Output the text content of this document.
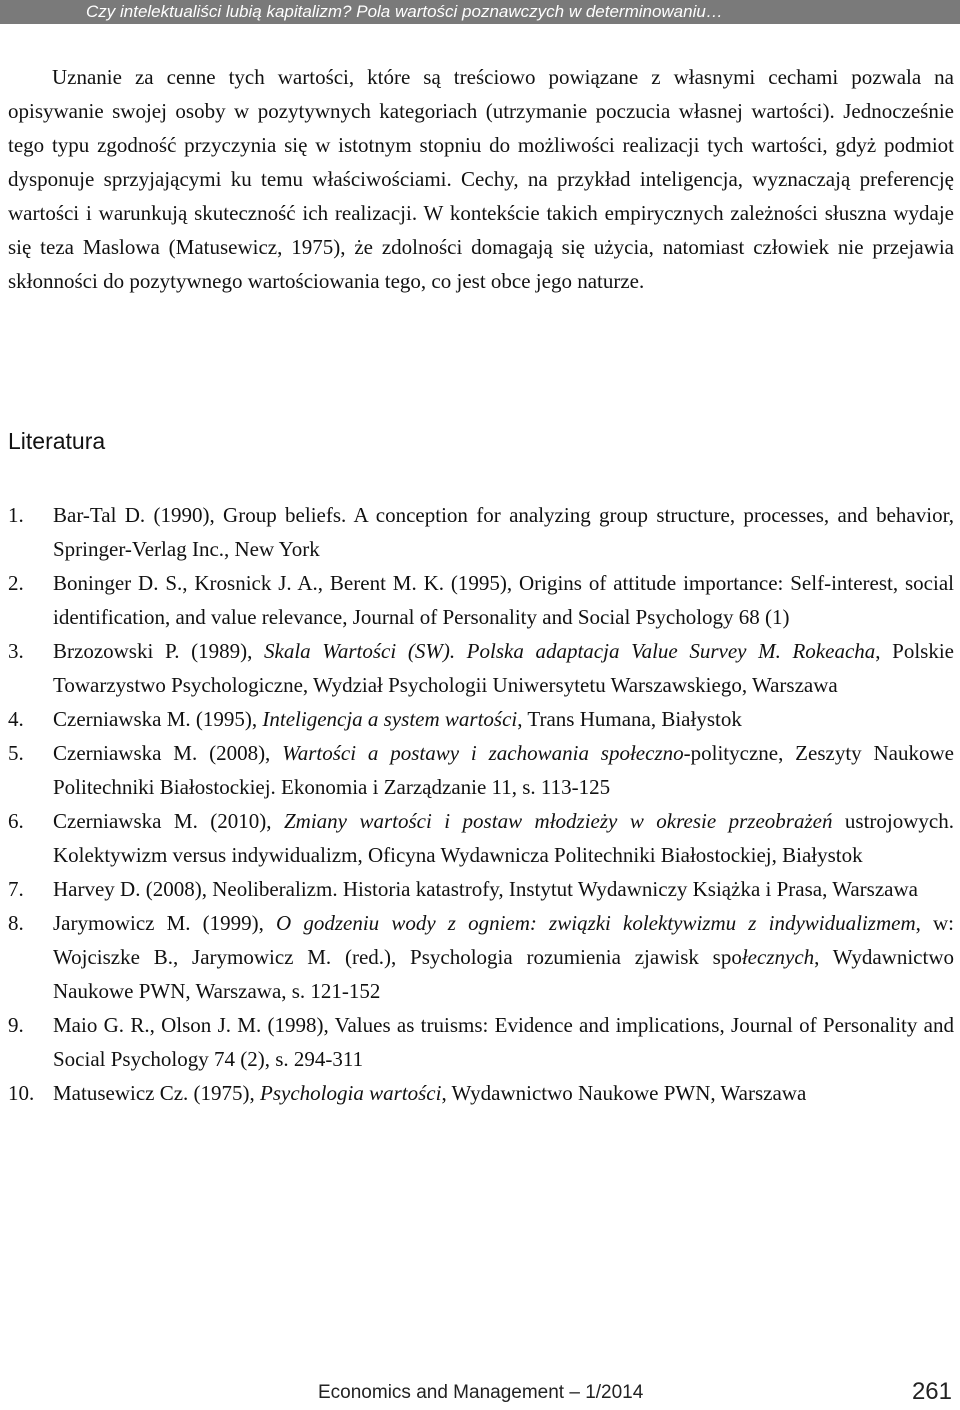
Czy intelektualiści lubią kapitalizm? Pola wartości poznawczych w determinowaniu…

Uznanie za cenne tych wartości, które są treściowo powiązane z własnymi cechami pozwala na opisywanie swojej osoby w pozytywnych kategoriach (utrzymanie poczucia własnej wartości). Jednocześnie tego typu zgodność przyczynia się w istotnym stopniu do możliwości realizacji tych wartości, gdyż podmiot dysponuje sprzyjającymi ku temu właściwościami. Cechy, na przykład inteligencja, wyznaczają preferencję wartości i warunkują skuteczność ich realizacji. W kontekście takich empirycznych zależności słuszna wydaje się teza Maslowa (Matusewicz, 1975), że zdolności domagają się użycia, natomiast człowiek nie przejawia skłonności do pozytywnego wartościowania tego, co jest obce jego naturze.

Literatura
1. Bar-Tal D. (1990), Group beliefs. A conception for analyzing group structure, processes, and behavior, Springer-Verlag Inc., New York
2. Boninger D. S., Krosnick J. A., Berent M. K. (1995), Origins of attitude importance: Self-interest, social identification, and value relevance, Journal of Personality and Social Psychology 68 (1)
3. Brzozowski P. (1989), Skala Wartości (SW). Polska adaptacja Value Survey M. Rokeacha, Polskie Towarzystwo Psychologiczne, Wydział Psychologii Uniwersytetu Warszawskiego, Warszawa
4. Czerniawska M. (1995), Inteligencja a system wartości, Trans Humana, Białystok
5. Czerniawska M. (2008), Wartości a postawy i zachowania społeczno-polityczne, Zeszyty Naukowe Politechniki Białostockiej. Ekonomia i Zarządzanie 11, s. 113-125
6. Czerniawska M. (2010), Zmiany wartości i postaw młodzieży w okresie przeobrażeń ustrojowych. Kolektywizm versus indywidualizm, Oficyna Wydawnicza Politechniki Białostockiej, Białystok
7. Harvey D. (2008), Neoliberalizm. Historia katastrofy, Instytut Wydawniczy Książka i Prasa, Warszawa
8. Jarymowicz M. (1999), O godzeniu wody z ogniem: związki kolektywizmu z indywidualizmem, w: Wojciszke B., Jarymowicz M. (red.), Psychologia rozumienia zjawisk społecznych, Wydawnictwo Naukowe PWN, Warszawa, s. 121-152
9. Maio G. R., Olson J. M. (1998), Values as truisms: Evidence and implications, Journal of Personality and Social Psychology 74 (2), s. 294-311
10. Matusewicz Cz. (1975), Psychologia wartości, Wydawnictwo Naukowe PWN, Warszawa
Economics and Management – 1/2014	261
